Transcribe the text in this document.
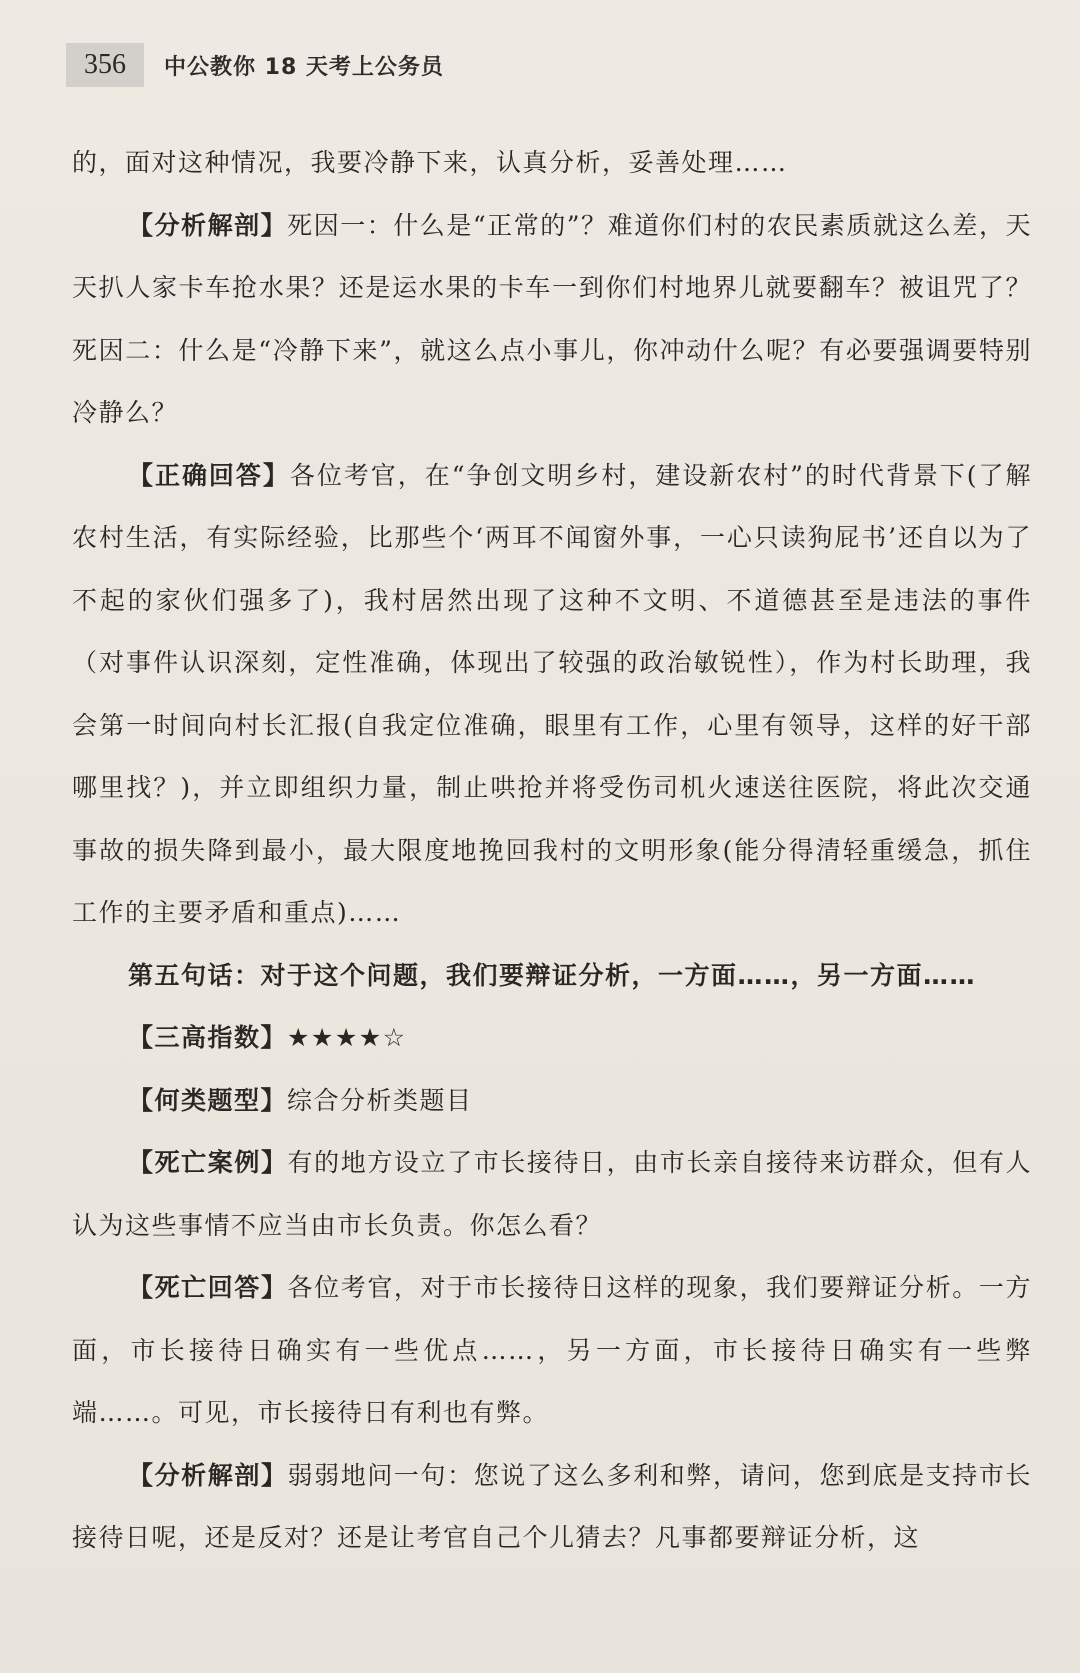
356	中公教你 18 天考上公务员

的，面对这种情况，我要冷静下来，认真分析，妥善处理……

【分析解剖】死因一：什么是“正常的”？难道你们村的农民素质就这么差，天天扒人家卡车抢水果？还是运水果的卡车一到你们村地界儿就要翻车？被诅咒了？死因二：什么是“冷静下来”，就这么点小事儿，你冲动什么呢？有必要强调要特别冷静么？

【正确回答】各位考官，在“争创文明乡村，建设新农村”的时代背景下(了解农村生活，有实际经验，比那些个‘两耳不闻窗外事，一心只读狗屁书’还自以为了不起的家伙们强多了)，我村居然出现了这种不文明、不道德甚至是违法的事件（对事件认识深刻，定性准确，体现出了较强的政治敏锐性），作为村长助理，我会第一时间向村长汇报(自我定位准确，眼里有工作，心里有领导，这样的好干部哪里找？)，并立即组织力量，制止哄抢并将受伤司机火速送往医院，将此次交通事故的损失降到最小，最大限度地挽回我村的文明形象(能分得清轻重缓急，抓住工作的主要矛盾和重点)……

第五句话：对于这个问题，我们要辩证分析，一方面……，另一方面……

【三高指数】★★★★☆

【何类题型】综合分析类题目

【死亡案例】有的地方设立了市长接待日，由市长亲自接待来访群众，但有人认为这些事情不应当由市长负责。你怎么看？

【死亡回答】各位考官，对于市长接待日这样的现象，我们要辩证分析。一方面，市长接待日确实有一些优点……，另一方面，市长接待日确实有一些弊端……。可见，市长接待日有利也有弊。

【分析解剖】弱弱地问一句：您说了这么多利和弊，请问，您到底是支持市长接待日呢，还是反对？还是让考官自己个儿猜去？凡事都要辩证分析，这
